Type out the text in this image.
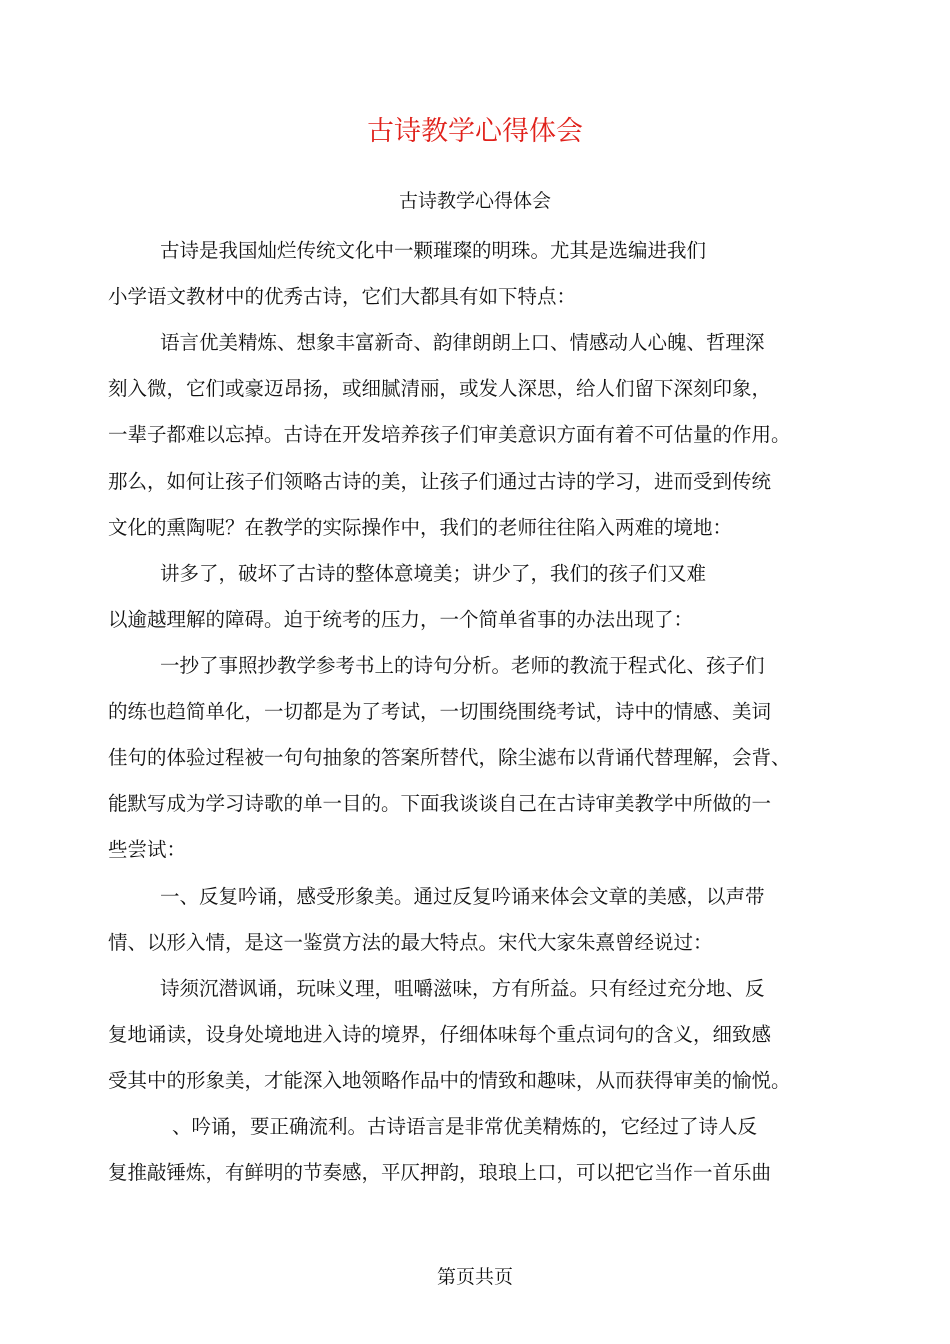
古诗教学心得体会

古诗教学心得体会

古诗是我国灿烂传统文化中一颗璀璨的明珠。尤其是选编进我们

小学语文教材中的优秀古诗，它们大都具有如下特点：

语言优美精炼、想象丰富新奇、韵律朗朗上口、情感动人心魄、哲理深

刻入微，它们或豪迈昂扬，或细腻清丽，或发人深思，给人们留下深刻印象，

一辈子都难以忘掉。古诗在开发培养孩子们审美意识方面有着不可估量的作用。

那么，如何让孩子们领略古诗的美，让孩子们通过古诗的学习，进而受到传统

文化的熏陶呢？在教学的实际操作中，我们的老师往往陷入两难的境地：

讲多了，破坏了古诗的整体意境美；讲少了，我们的孩子们又难

以逾越理解的障碍。迫于统考的压力，一个简单省事的办法出现了：

一抄了事照抄教学参考书上的诗句分析。老师的教流于程式化、孩子们

的练也趋简单化，一切都是为了考试，一切围绕围绕考试，诗中的情感、美词

佳句的体验过程被一句句抽象的答案所替代，除尘滤布以背诵代替理解，会背、

能默写成为学习诗歌的单一目的。下面我谈谈自己在古诗审美教学中所做的一

些尝试：

一、反复吟诵，感受形象美。通过反复吟诵来体会文章的美感，以声带

情、以形入情，是这一鉴赏方法的最大特点。宋代大家朱熹曾经说过：

诗须沉潜讽诵，玩味义理，咀嚼滋味，方有所益。只有经过充分地、反

复地诵读，设身处境地进入诗的境界，仔细体味每个重点词句的含义，细致感

受其中的形象美，才能深入地领略作品中的情致和趣味，从而获得审美的愉悦。

、吟诵，要正确流利。古诗语言是非常优美精炼的，它经过了诗人反

复推敲锤炼，有鲜明的节奏感，平仄押韵，琅琅上口，可以把它当作一首乐曲

第页共页
